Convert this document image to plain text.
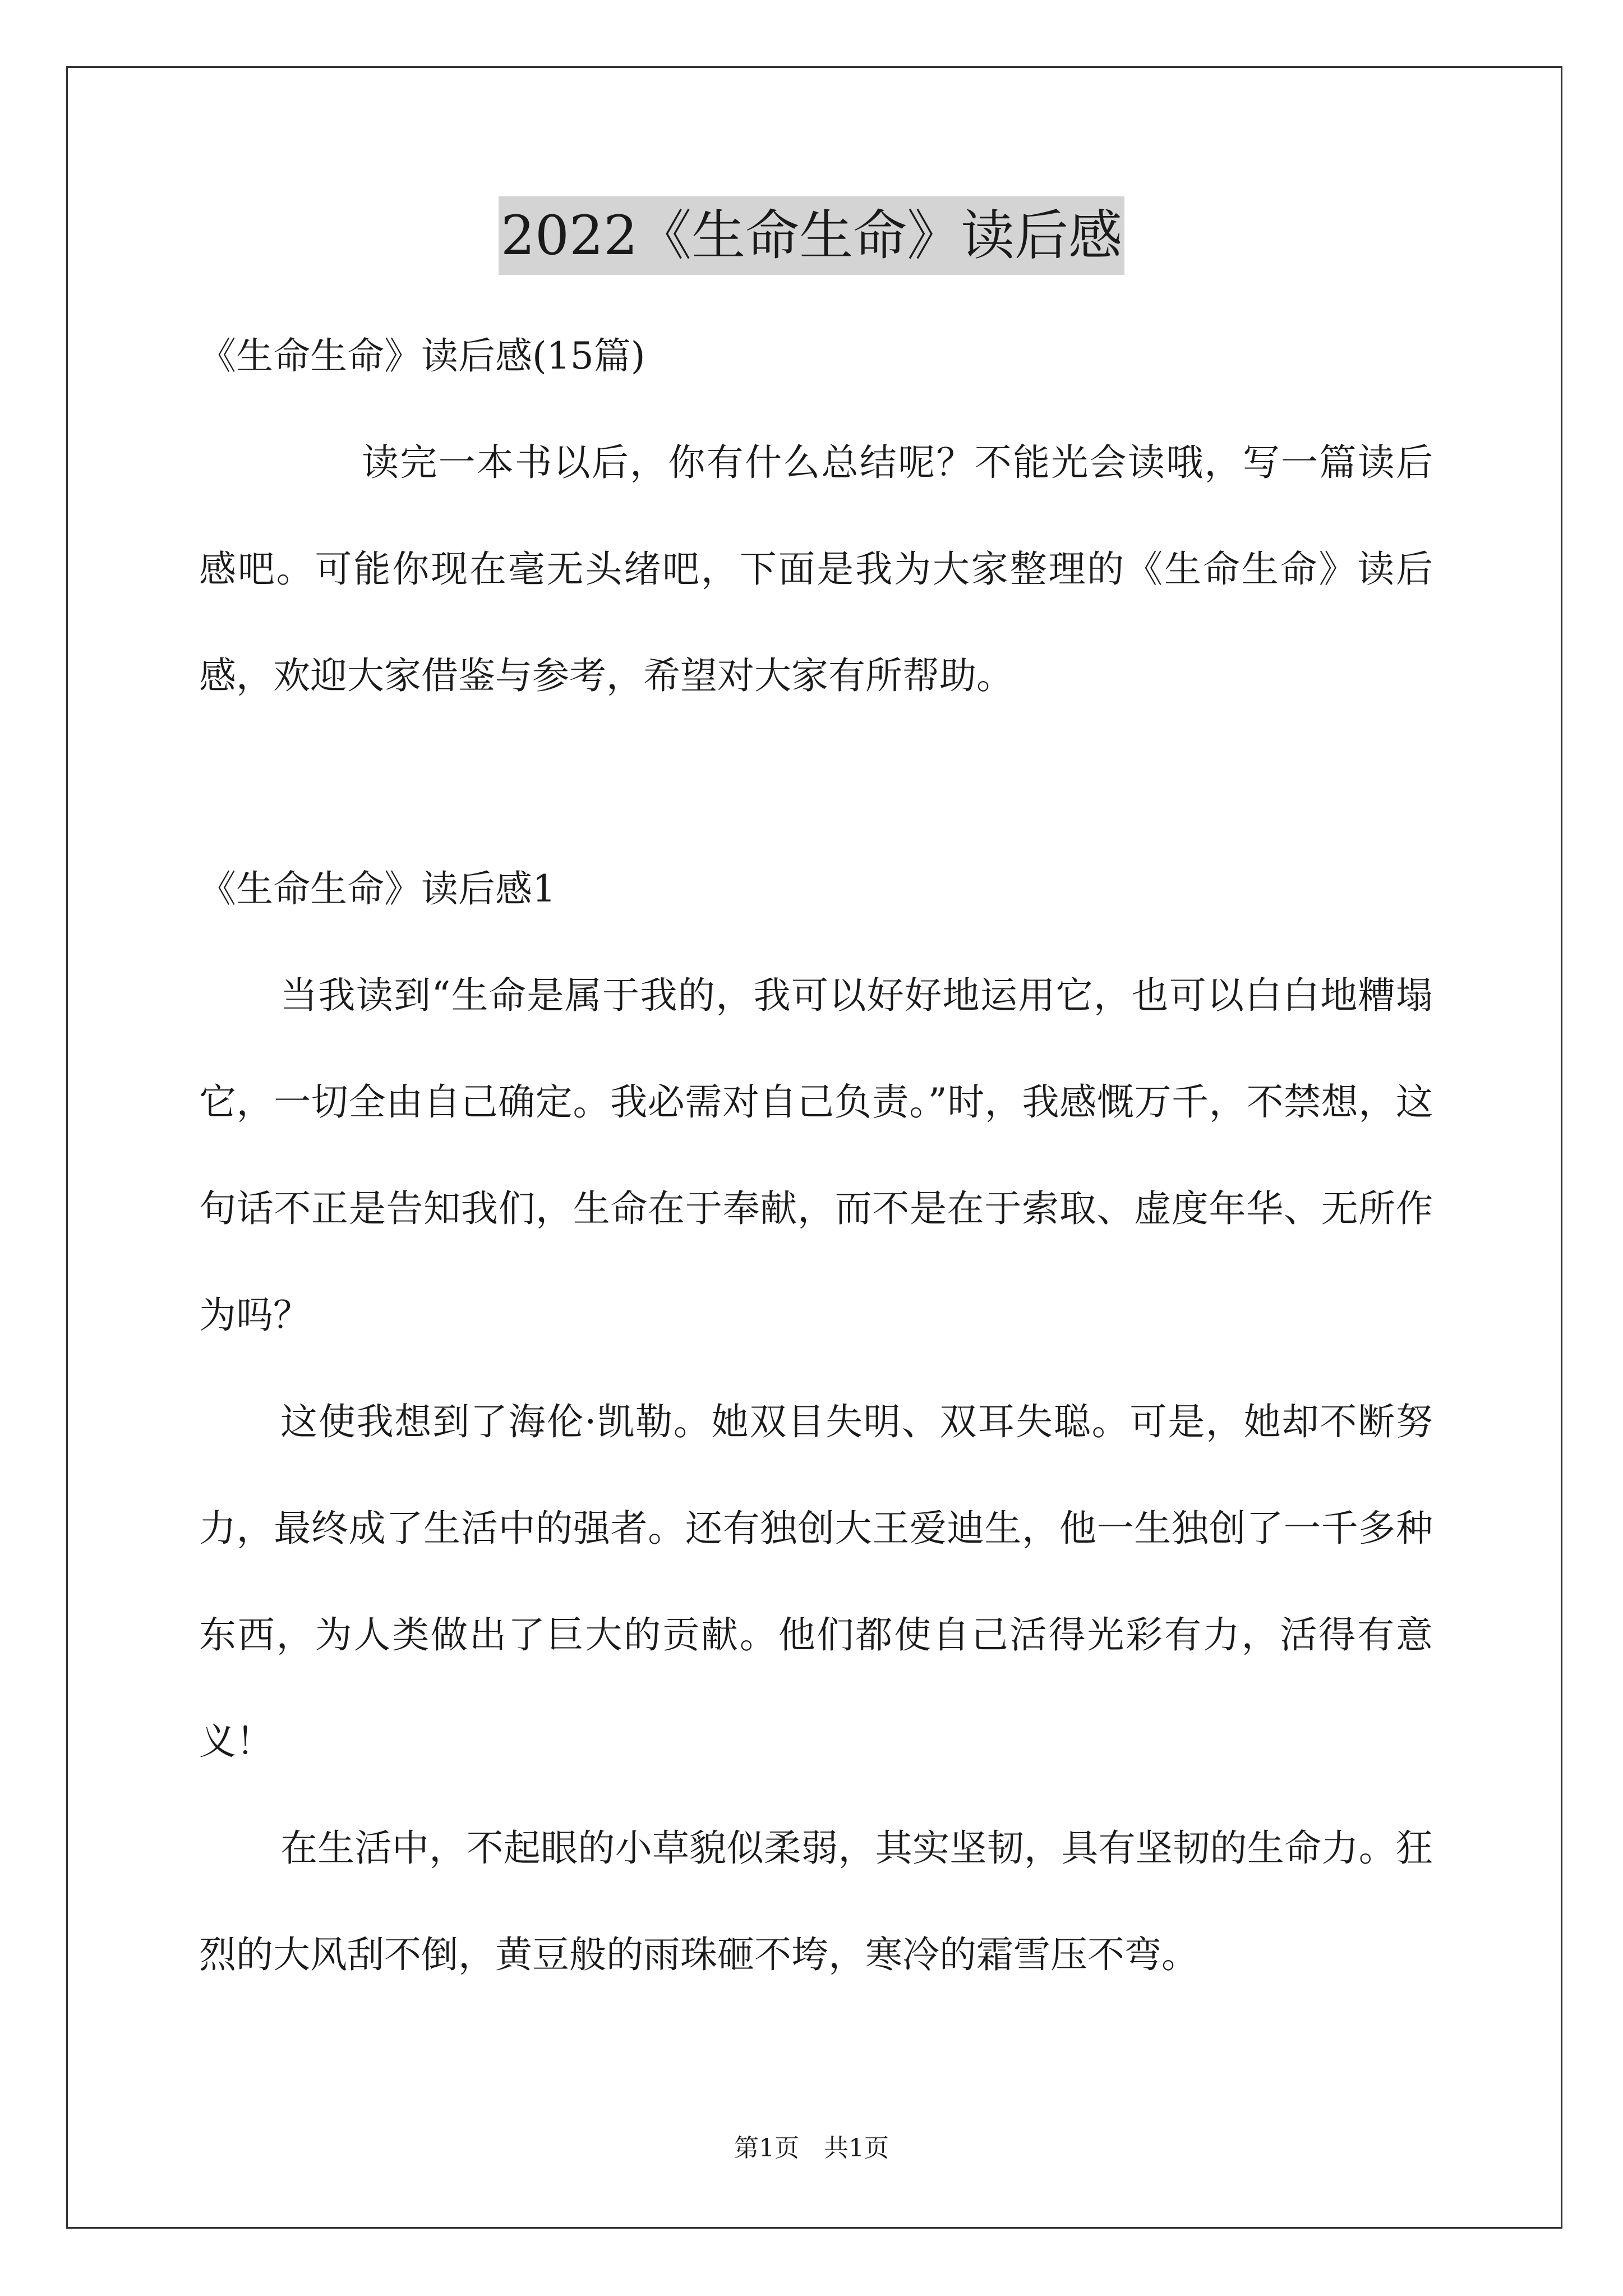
2022《生命生命》读后感
《生命生命》读后感(15篇)
读完一本书以后，你有什么总结呢？不能光会读哦，写一篇读后感吧。可能你现在毫无头绪吧，下面是我为大家整理的《生命生命》读后感，欢迎大家借鉴与参考，希望对大家有所帮助。
《生命生命》读后感1
当我读到“生命是属于我的，我可以好好地运用它，也可以白白地糟塌它，一切全由自己确定。我必需对自己负责。”时，我感慨万千，不禁想，这句话不正是告知我们，生命在于奉献，而不是在于索取、虚度年华、无所作为吗？
这使我想到了海伦·凯勒。她双目失明、双耳失聪。可是，她却不断努力，最终成了生活中的强者。还有独创大王爱迪生，他一生独创了一千多种东西，为人类做出了巨大的贡献。他们都使自己活得光彩有力，活得有意义！
在生活中，不起眼的小草貌似柔弱，其实坚韧，具有坚韧的生命力。狂烈的大风刮不倒，黄豆般的雨珠砸不垮，寒冷的霜雪压不弯。
第1页　共1页
